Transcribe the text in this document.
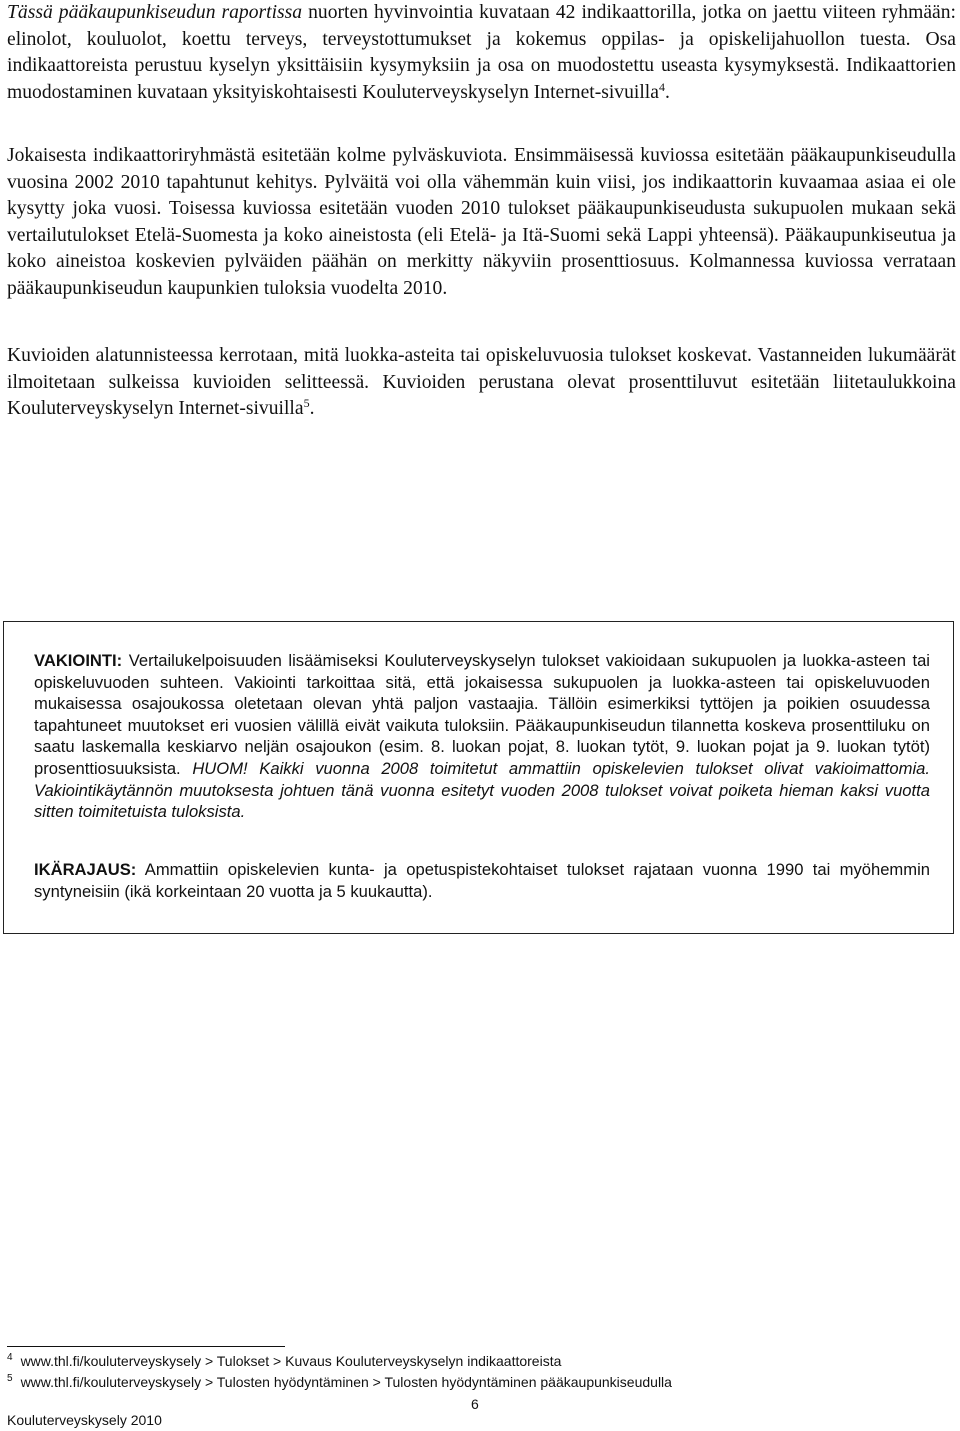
Tässä pääkaupunkiseudun raportissa nuorten hyvinvointia kuvataan 42 indikaattorilla, jotka on jaettu viiteen ryhmään: elinolot, kouluolot, koettu terveys, terveystottumukset ja kokemus oppilas- ja opiskelijahuollon tuesta. Osa indikaattoreista perustuu kyselyn yksittäisiin kysymyksiin ja osa on muodostettu useasta kysymyksestä. Indikaattorien muodostaminen kuvataan yksityiskohtaisesti Kouluterveyskyselyn Internet-sivuilla$^4$.

Jokaisesta indikaattoriryhmästä esitetään kolme pylväskuviota. Ensimmäisessä kuviossa esitetään pääkaupunkiseudulla vuosina 2002 2010 tapahtunut kehitys. Pylväitä voi olla vähemmän kuin viisi, jos indikaattorin kuvaamaa asiaa ei ole kysytty joka vuosi. Toisessa kuviossa esitetään vuoden 2010 tulokset pääkaupunkiseudusta sukupuolen mukaan sekä vertailutulokset Etelä-Suomesta ja koko aineistosta (eli Etelä- ja Itä-Suomi sekä Lappi yhteensä). Pääkaupunkiseutua ja koko aineistoa koskevien pylväiden päähän on merkitty näkyviin prosenttiosuus. Kolmannessa kuviossa verrataan pääkaupunkiseudun kaupunkien tuloksia vuodelta 2010.

Kuvioiden alatunnisteessa kerrotaan, mitä luokka-asteita tai opiskeluvuosia tulokset koskevat. Vastanneiden lukumäärät ilmoitetaan sulkeissa kuvioiden selitteessä. Kuvioiden perustana olevat prosenttiluvut esitetään liitetaulukkoina Kouluterveyskyselyn Internet-sivuilla$^5$.

VAKIOINTI: Vertailukelpoisuuden lisäämiseksi Kouluterveyskyselyn tulokset vakioidaan sukupuolen ja luokka-asteen tai opiskeluvuoden suhteen. Vakiointi tarkoittaa sitä, että jokaisessa sukupuolen ja luokka-asteen tai opiskeluvuoden mukaisessa osajoukossa oletetaan olevan yhtä paljon vastaajia. Tällöin esimerkiksi tyttöjen ja poikien osuudessa tapahtuneet muutokset eri vuosien välillä eivät vaikuta tuloksiin. Pääkaupunkiseudun tilannetta koskeva prosenttiluku on saatu laskemalla keskiarvo neljän osajoukon (esim. 8. luokan pojat, 8. luokan tytöt, 9. luokan pojat ja 9. luokan tytöt) prosenttiosuuksista. HUOM! Kaikki vuonna 2008 toimitetut ammattiin opiskelevien tulokset olivat vakioimattomia. Vakiointikäytännön muutoksesta johtuen tänä vuonna esitetyt vuoden 2008 tulokset voivat poiketa hieman kaksi vuotta sitten toimitetuista tuloksista.

IKÄRAJAUS: Ammattiin opiskelevien kunta- ja opetuspistekohtaiset tulokset rajataan vuonna 1990 tai myöhemmin syntyneisiin (ikä korkeintaan 20 vuotta ja 5 kuukautta).

$^4$ www.thl.fi/kouluterveyskysely > Tulokset > Kuvaus Kouluterveyskyselyn indikaattoreista
$^5$ www.thl.fi/kouluterveyskysely > Tulosten hyödyntäminen > Tulosten hyödyntäminen pääkaupunkiseudulla
6
Kouluterveyskysely 2010
